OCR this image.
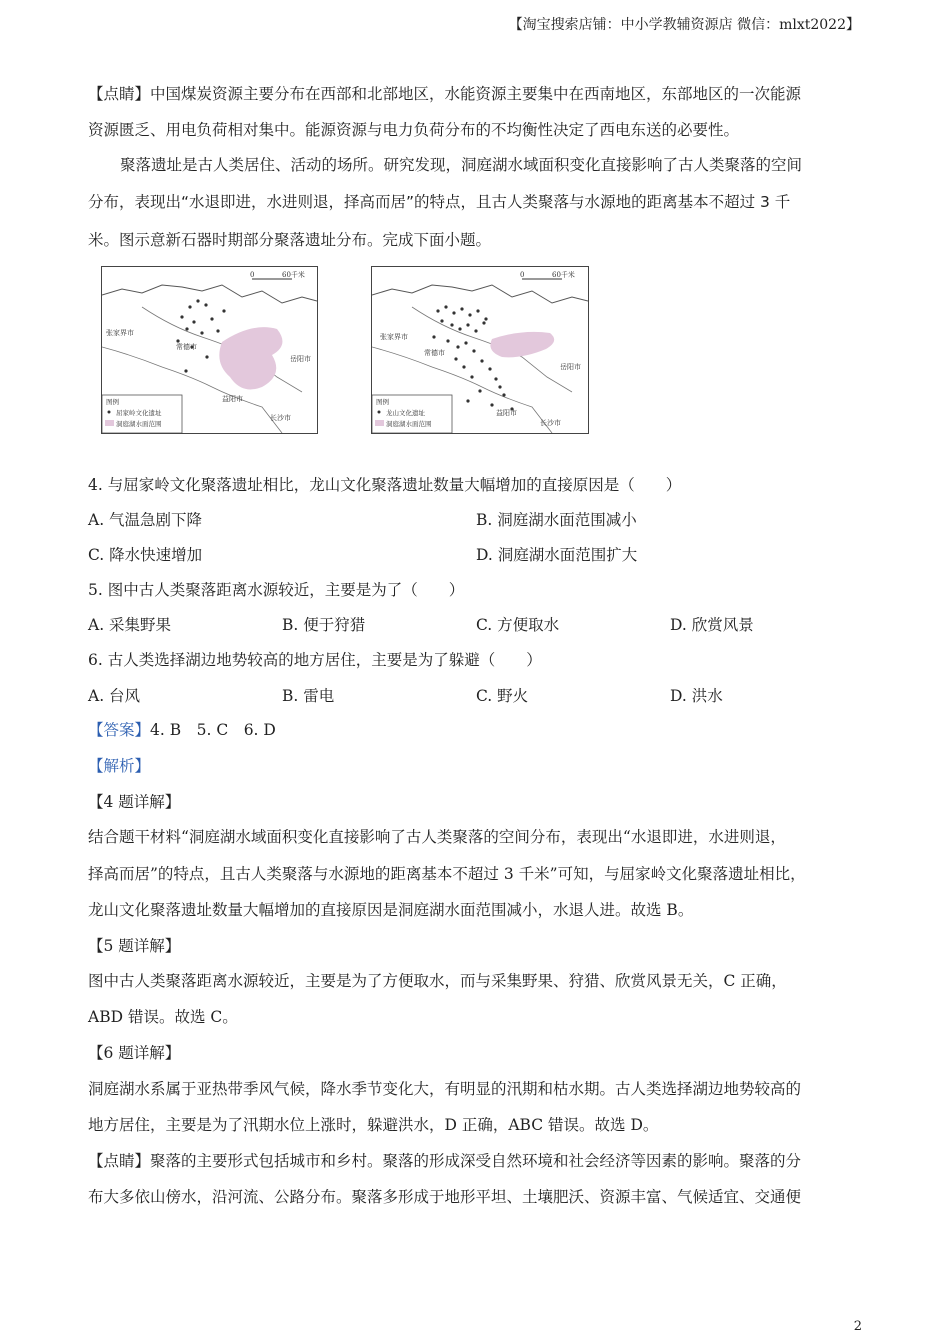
【淘宝搜索店铺：中小学教辅资源店 微信：mlxt2022】
【点睛】中国煤炭资源主要分布在西部和北部地区，水能资源主要集中在西南地区，东部地区的一次能源
资源匮乏、用电负荷相对集中。能源资源与电力负荷分布的不均衡性决定了西电东送的必要性。
聚落遗址是古人类居住、活动的场所。研究发现，洞庭湖水域面积变化直接影响了古人类聚落的空间
分布，表现出“水退即进，水进则退，择高而居”的特点，且古人类聚落与水源地的距离基本不超过 3 千
米。图示意新石器时期部分聚落遗址分布。完成下面小题。
0	60千米
张家界市
常德市
岳阳市
益阳市
长沙市
图例
屈家岭文化遗址
洞庭湖水面范围
0	60千米
张家界市
常德市
岳阳市
益阳市
长沙市
图例
龙山文化遗址
洞庭湖水面范围
4. 与屈家岭文化聚落遗址相比，龙山文化聚落遗址数量大幅增加的直接原因是（　　）
A. 气温急剧下降	B. 洞庭湖水面范围减小
C. 降水快速增加	D. 洞庭湖水面范围扩大
5. 图中古人类聚落距离水源较近，主要是为了（　　）
A. 采集野果	B. 便于狩猎	C. 方便取水	D. 欣赏风景
6. 古人类选择湖边地势较高的地方居住，主要是为了躲避（　　）
A. 台风	B. 雷电	C. 野火	D. 洪水
【答案】4. B　5. C　6. D
【解析】
【4 题详解】
结合题干材料“洞庭湖水域面积变化直接影响了古人类聚落的空间分布，表现出“水退即进，水进则退，
择高而居”的特点，且古人类聚落与水源地的距离基本不超过 3 千米”可知，与屈家岭文化聚落遗址相比，
龙山文化聚落遗址数量大幅增加的直接原因是洞庭湖水面范围减小，水退人进。故选 B。
【5 题详解】
图中古人类聚落距离水源较近，主要是为了方便取水，而与采集野果、狩猎、欣赏风景无关，C 正确，
ABD 错误。故选 C。
【6 题详解】
洞庭湖水系属于亚热带季风气候，降水季节变化大，有明显的汛期和枯水期。古人类选择湖边地势较高的
地方居住，主要是为了汛期水位上涨时，躲避洪水，D 正确，ABC 错误。故选 D。
【点睛】聚落的主要形式包括城市和乡村。聚落的形成深受自然环境和社会经济等因素的影响。聚落的分
布大多依山傍水，沿河流、公路分布。聚落多形成于地形平坦、土壤肥沃、资源丰富、气候适宜、交通便
2
